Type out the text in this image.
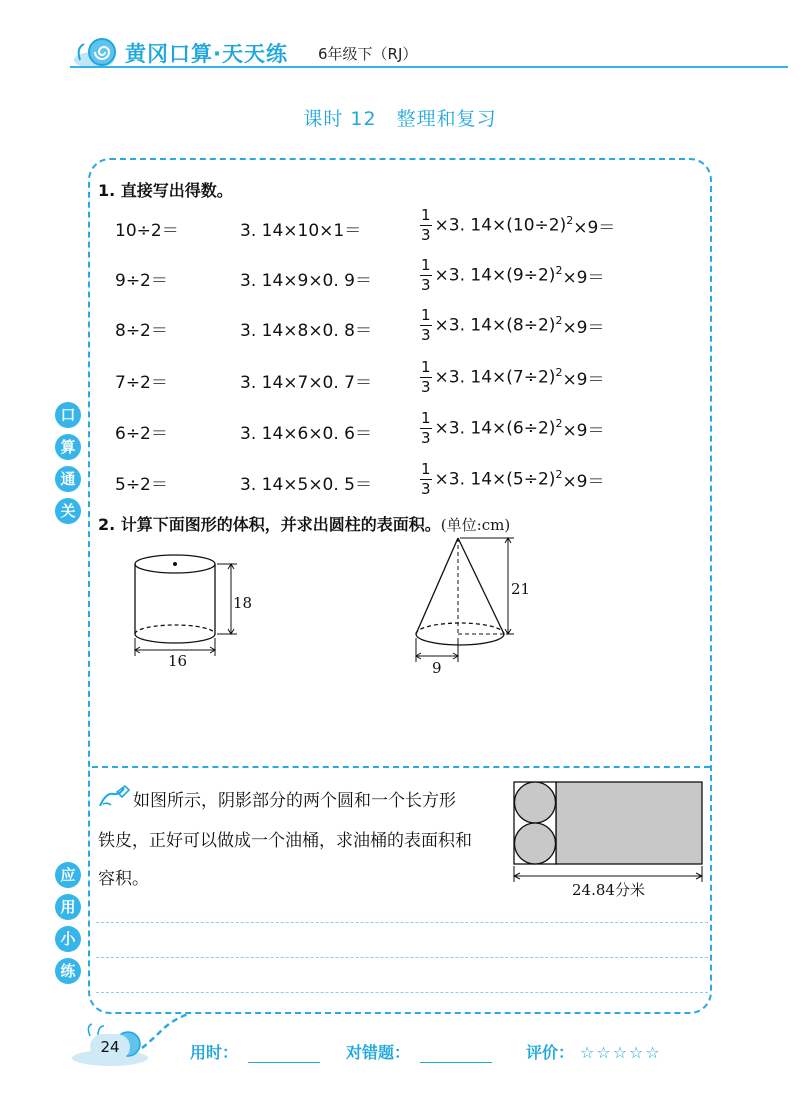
黄冈口算·天天练 6年级下（RJ）
课时 12　整理和复习
口
算
通
关
应
用
小
练
1. 直接写出得数。
10÷2＝	3. 14×10×1＝	$\frac{1}{3} \times 3$. $14\times(10\div 2)^2\times 9=$
9÷2＝	3. 14×9×0. 9＝	$\frac{1}{3} \times 3$. $14\times(9\div 2)^2\times 9=$
8÷2＝	3. 14×8×0. 8＝	$\frac{1}{3} \times 3$. $14\times(8\div 2)^2\times 9=$
7÷2＝	3. 14×7×0. 7＝	$\frac{1}{3} \times 3$. $14\times(7\div 2)^2\times 9=$
6÷2＝	3. 14×6×0. 6＝	$\frac{1}{3} \times 3$. $14\times(6\div 2)^2\times 9=$
5÷2＝	3. 14×5×0. 5＝	$\frac{1}{3} \times 3$. $14\times(5\div 2)^2\times 9=$
2. 计算下面图形的体积，并求出圆柱的表面积。(单位:cm)
18
16
21
9
如图所示，阴影部分的两个圆和一个长方形
铁皮，正好可以做成一个油桶，求油桶的表面积和
容积。
24.84分米
24	用时：	对错题：	评价： ☆☆☆☆☆
